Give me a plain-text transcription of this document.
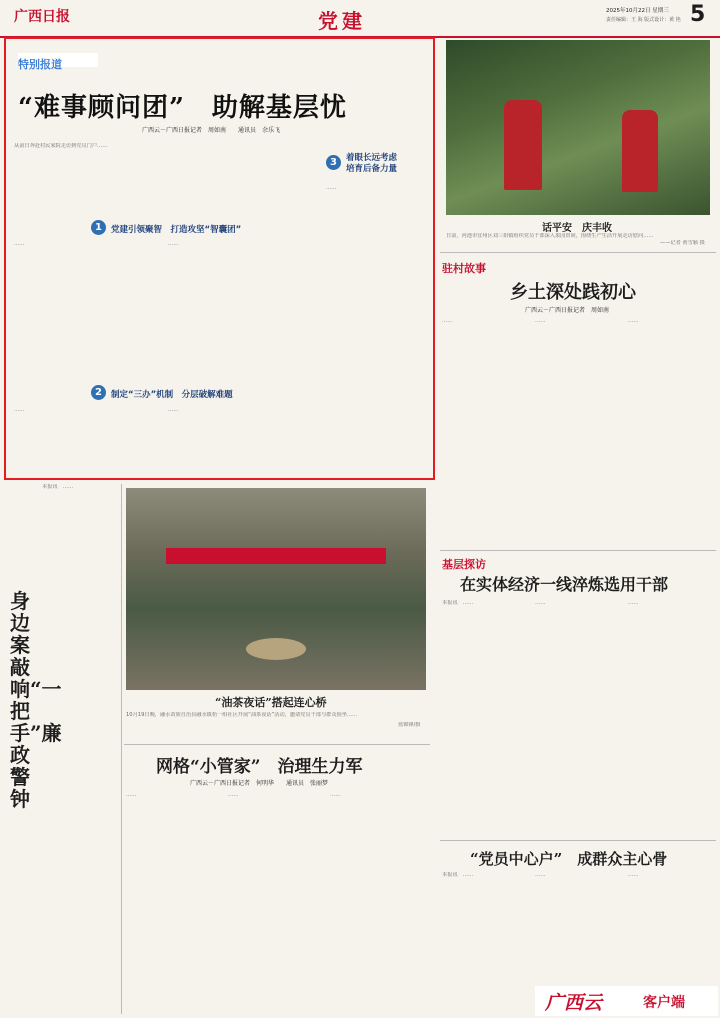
广西日报	党建	2025年10月22日 星期三
责任编辑：王 海 版式设计：黄 艳 5
特别报道
“难事顾问团”　助解基层忧
广西云－广西日报记者　周如南　　通讯员　余乐飞
从前日奔赴村民家院走访到党员门户……
1	党建引领聚智　打造攻坚“智囊团”
……	……
2	制定“三办”机制　分层破解难题
……	……
3	着眼长远考虑
培育后备力量
……
话平安　庆丰收
日前，河池市宜州区刘三姐镇组织党员干部深入果园田间，围绕生产生活开展走访慰问……
——记者 黄雪颖 摄
驻村故事
乡土深处践初心
广西云－广西日报记者　周如南
……	……	……
基层探访
在实体经济一线淬炼选用干部
本报讯　……	……	……
身边案敲响“一把手”廉政警钟
本报讯　……
“油茶夜话”搭起连心桥
10月19日晚，融水苗族自治县融水镇梧一组社区开展“油茶夜话”活动，邀请党员干部与群众围坐……
蓝锦锋/摄
网格“小管家”　治理生力军
广西云－广西日报记者　何明华　　通讯员　张丽梦
……	……	……
“党员中心户”　成群众主心骨
本报讯　……	……	……
广西云	客户端
